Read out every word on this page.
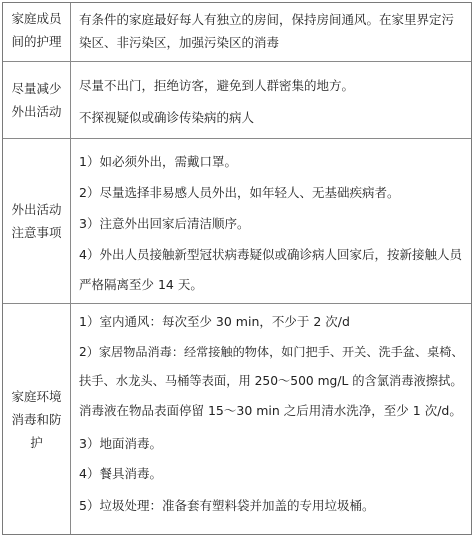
家庭成员
间的护理
有条件的家庭最好每人有独立的房间，保持房间通风。在家里界定污
染区、非污染区，加强污染区的消毒
尽量减少
外出活动
尽量不出门，拒绝访客，避免到人群密集的地方。
不探视疑似或确诊传染病的病人
外出活动
注意事项
1）如必须外出，需戴口罩。
2）尽量选择非易感人员外出，如年轻人、无基础疾病者。
3）注意外出回家后清洁顺序。
4）外出人员接触新型冠状病毒疑似或确诊病人回家后，按新接触人员
严格隔离至少 14 天。
家庭环境
消毒和防
护
1）室内通风：每次至少 30 min，不少于 2 次/d
2）家居物品消毒：经常接触的物体，如门把手、开关、洗手盆、桌椅、
扶手、水龙头、马桶等表面，用 250～500 mg/L 的含氯消毒液擦拭。
消毒液在物品表面停留 15～30 min 之后用清水洗净，至少 1 次/d。
3）地面消毒。
4）餐具消毒。
5）垃圾处理：准备套有塑料袋并加盖的专用垃圾桶。
